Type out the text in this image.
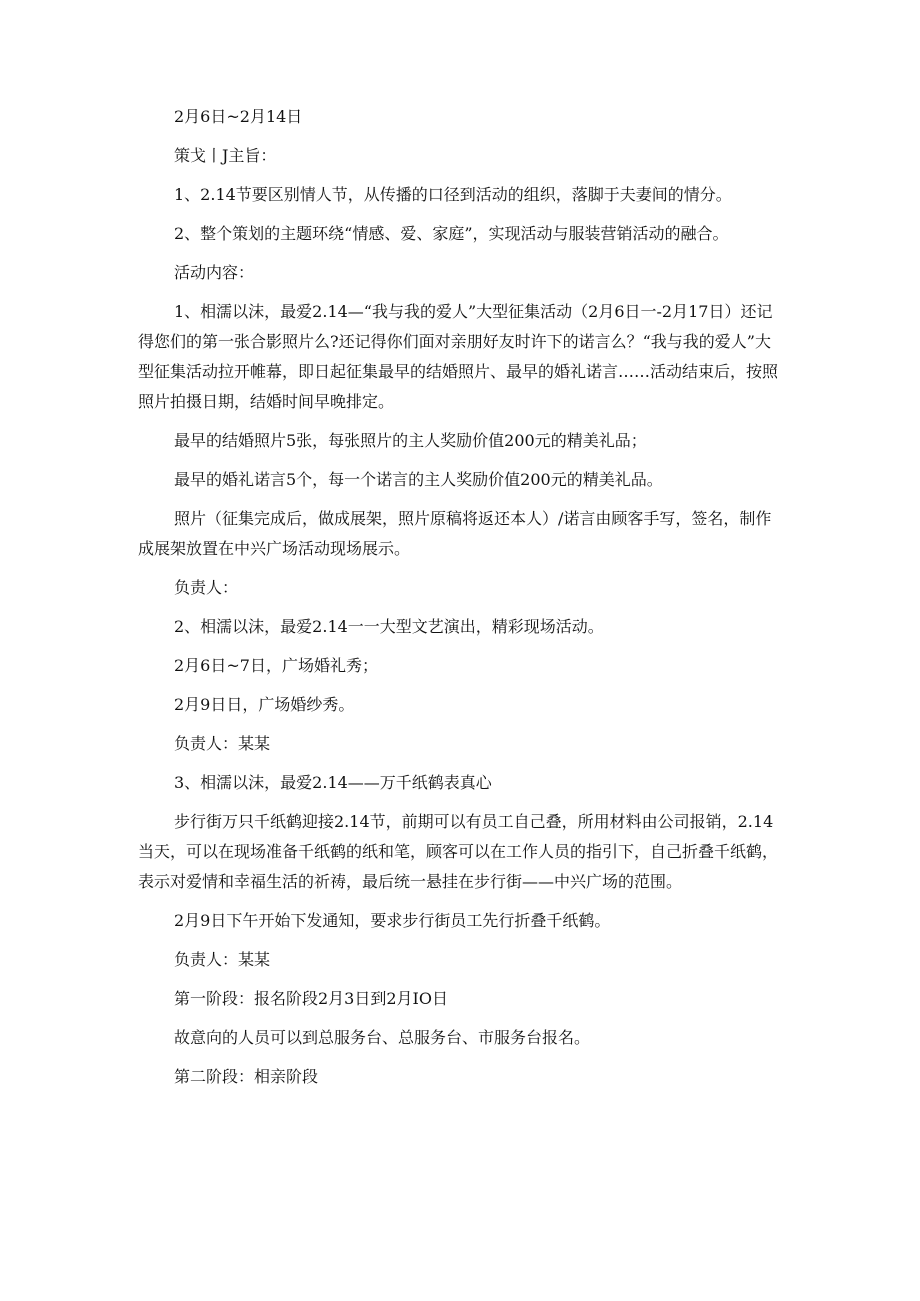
2月6日~2月14日

策戈丨J主旨：

1、2.14节要区别情人节，从传播的口径到活动的组织，落脚于夫妻间的情分。

2、整个策划的主题环绕“情感、爱、家庭”，实现活动与服装营销活动的融合。

活动内容：

1、相濡以沫，最爱2.14—“我与我的爱人”大型征集活动（2月6日一-2月17日）还记得您们的第一张合影照片么?还记得你们面对亲朋好友时许下的诺言么？“我与我的爱人”大型征集活动拉开帷幕，即日起征集最早的结婚照片、最早的婚礼诺言……活动结束后，按照照片拍摄日期，结婚时间早晚排定。

最早的结婚照片5张，每张照片的主人奖励价值200元的精美礼品；

最早的婚礼诺言5个，每一个诺言的主人奖励价值200元的精美礼品。

照片（征集完成后，做成展架，照片原稿将返还本人）/诺言由顾客手写，签名，制作成展架放置在中兴广场活动现场展示。

负责人：

2、相濡以沫，最爱2.14一一大型文艺演出，精彩现场活动。

2月6日~7日，广场婚礼秀；

2月9日日，广场婚纱秀。

负责人：某某

3、相濡以沫，最爱2.14——万千纸鹤表真心

步行街万只千纸鹤迎接2.14节，前期可以有员工自己叠，所用材料由公司报销，2.14当天，可以在现场准备千纸鹤的纸和笔，顾客可以在工作人员的指引下，自己折叠千纸鹤，表示对爱情和幸福生活的祈祷，最后统一悬挂在步行街——中兴广场的范围。

2月9日下午开始下发通知，要求步行街员工先行折叠千纸鹤。

负责人：某某

第一阶段：报名阶段2月3日到2月IO日

故意向的人员可以到总服务台、总服务台、市服务台报名。

第二阶段：相亲阶段
